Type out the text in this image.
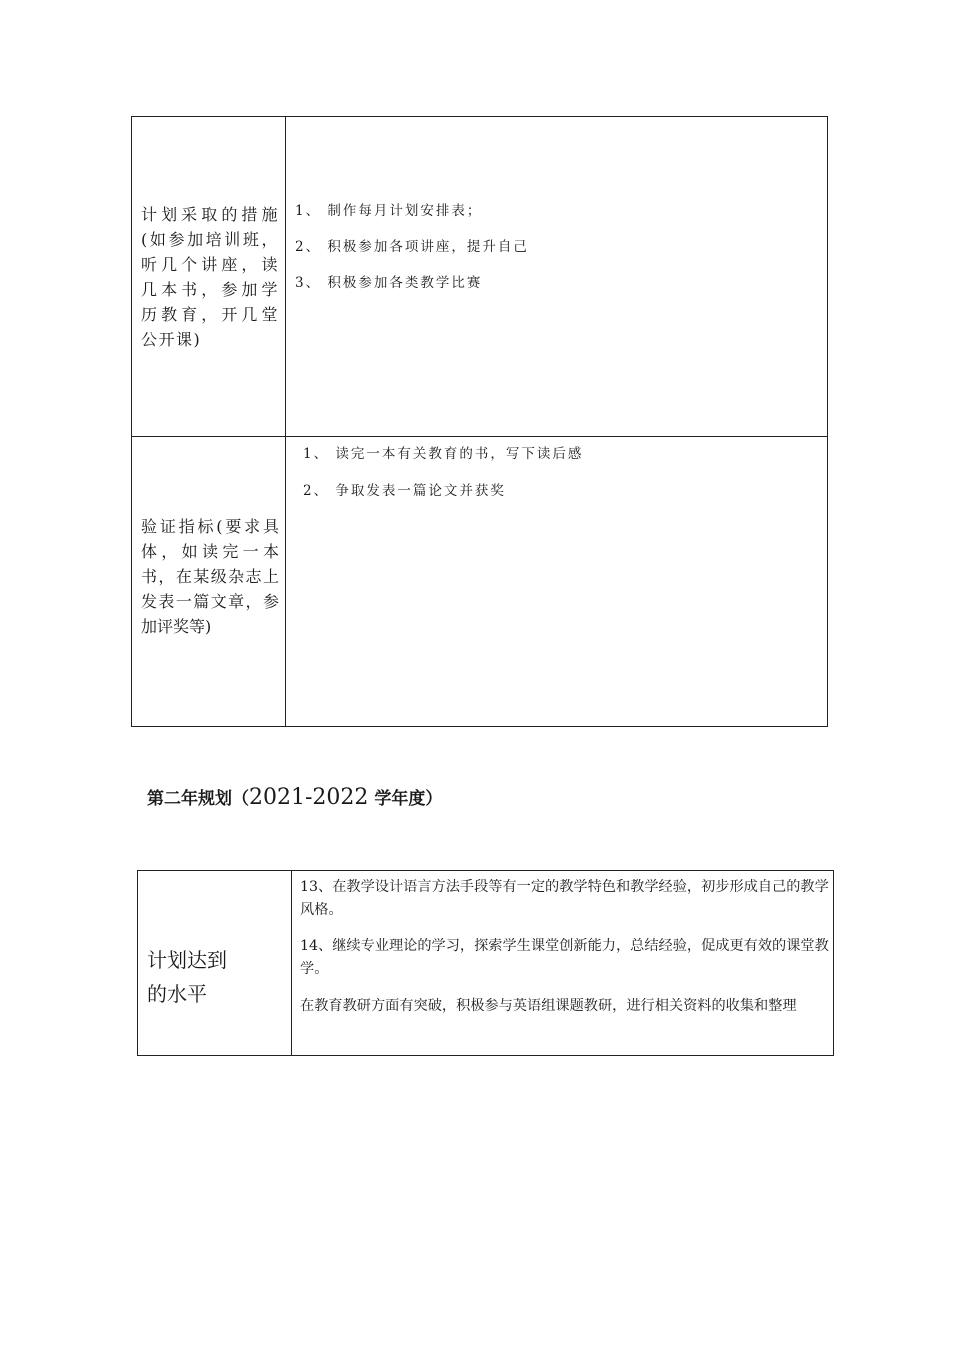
计划采取的措施(如参加培训班，听几个讲座，读几本书，参加学历教育，开几堂公开课)
1、 制作每月计划安排表；
2、 积极参加各项讲座，提升自己
3、 积极参加各类教学比赛
验证指标(要求具体，如读完一本书，在某级杂志上发表一篇文章，参加评奖等)
1、 读完一本有关教育的书，写下读后感
2、 争取发表一篇论文并获奖
第二年规划（2021-2022 学年度）
计划达到
的水平
13、在教学设计语言方法手段等有一定的教学特色和教学经验，初步形成自己的教学风格。
14、继续专业理论的学习，探索学生课堂创新能力，总结经验，促成更有效的课堂教学。
在教育教研方面有突破，积极参与英语组课题教研，进行相关资料的收集和整理
